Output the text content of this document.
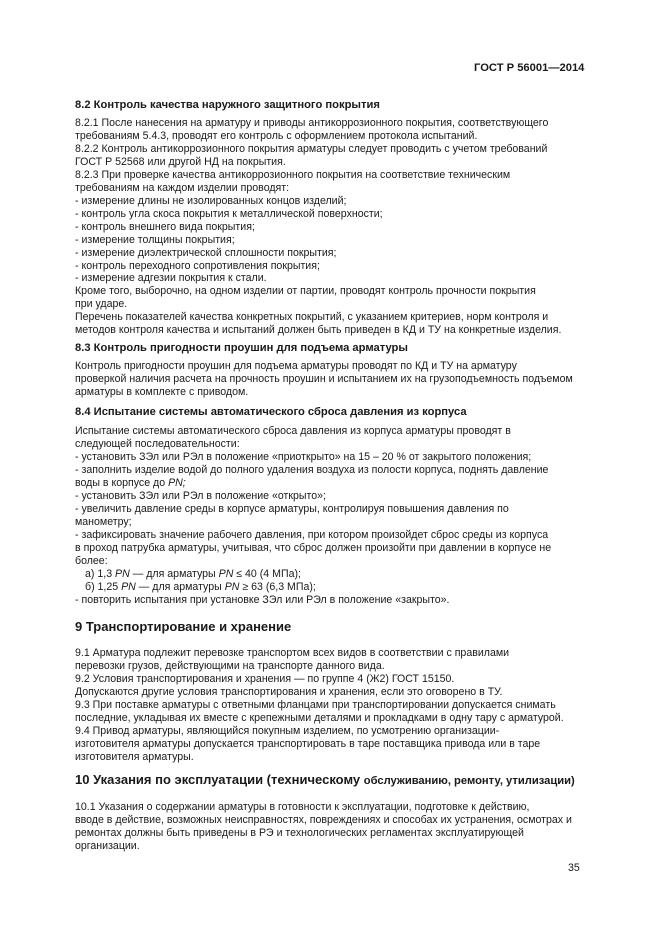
ГОСТ Р 56001—2014
8.2 Контроль качества наружного защитного покрытия
8.2.1 После нанесения на арматуру и приводы антикоррозионного покрытия, соответствующего
требованиям 5.4.3, проводят его контроль с оформлением протокола испытаний.
8.2.2 Контроль антикоррозионного покрытия арматуры следует проводить с учетом требований
ГОСТ Р 52568 или другой НД на покрытия.
8.2.3 При проверке качества антикоррозионного покрытия на соответствие техническим
требованиям на каждом изделии проводят:
- измерение длины не изолированных концов изделий;
- контроль угла скоса покрытия к металлической поверхности;
- контроль внешнего вида покрытия;
- измерение толщины покрытия;
- измерение диэлектрической сплошности покрытия;
- контроль переходного сопротивления покрытия;
- измерение адгезии покрытия к стали.
Кроме того, выборочно, на одном изделии от партии, проводят контроль прочности покрытия
при ударе.
Перечень показателей качества конкретных покрытий, с указанием критериев, норм контроля и
методов контроля качества и испытаний должен быть приведен в КД и ТУ на конкретные изделия.
8.3 Контроль пригодности проушин для подъема арматуры
Контроль пригодности проушин для подъема арматуры проводят по КД и ТУ на арматуру
проверкой наличия расчета на прочность проушин и испытанием их на грузоподъемность подъемом
арматуры в комплекте с приводом.
8.4 Испытание системы автоматического сброса давления из корпуса
Испытание системы автоматического сброса давления из корпуса арматуры проводят в
следующей последовательности:
- установить ЗЭл или РЭл в положение «приоткрыто» на 15 – 20 % от закрытого положения;
- заполнить изделие водой до полного удаления воздуха из полости корпуса, поднять давление
воды в корпусе до PN;
- установить ЗЭл или РЭл в положение «открыто»;
- увеличить давление среды в корпусе арматуры, контролируя повышения давления по
манометру;
- зафиксировать значение рабочего давления, при котором произойдет сброс среды из корпуса
в проход патрубка арматуры, учитывая, что сброс должен произойти при давлении в корпусе не
более:
а) 1,3 PN — для арматуры PN ≤ 40 (4 МПа);
б) 1,25 PN — для арматуры PN ≥ 63 (6,3 МПа);
- повторить испытания при установке ЗЭл или РЭл в положение «закрыто».
9 Транспортирование и хранение
9.1 Арматура подлежит перевозке транспортом всех видов в соответствии с правилами
перевозки грузов, действующими на транспорте данного вида.
9.2 Условия транспортирования и хранения — по группе 4 (Ж2) ГОСТ 15150.
Допускаются другие условия транспортирования и хранения, если это оговорено в ТУ.
9.3 При поставке арматуры с ответными фланцами при транспортировании допускается снимать
последние, укладывая их вместе с крепежными деталями и прокладками в одну тару с арматурой.
9.4 Привод арматуры, являющийся покупным изделием, по усмотрению организации-
изготовителя арматуры допускается транспортировать в таре поставщика привода или в таре
изготовителя арматуры.
10 Указания по эксплуатации (техническому обслуживанию, ремонту, утилизации)
10.1 Указания о содержании арматуры в готовности к эксплуатации, подготовке к действию,
вводе в действие, возможных неисправностях, повреждениях и способах их устранения, осмотрах и
ремонтах должны быть приведены в РЭ и технологических регламентах эксплуатирующей
организации.
35
